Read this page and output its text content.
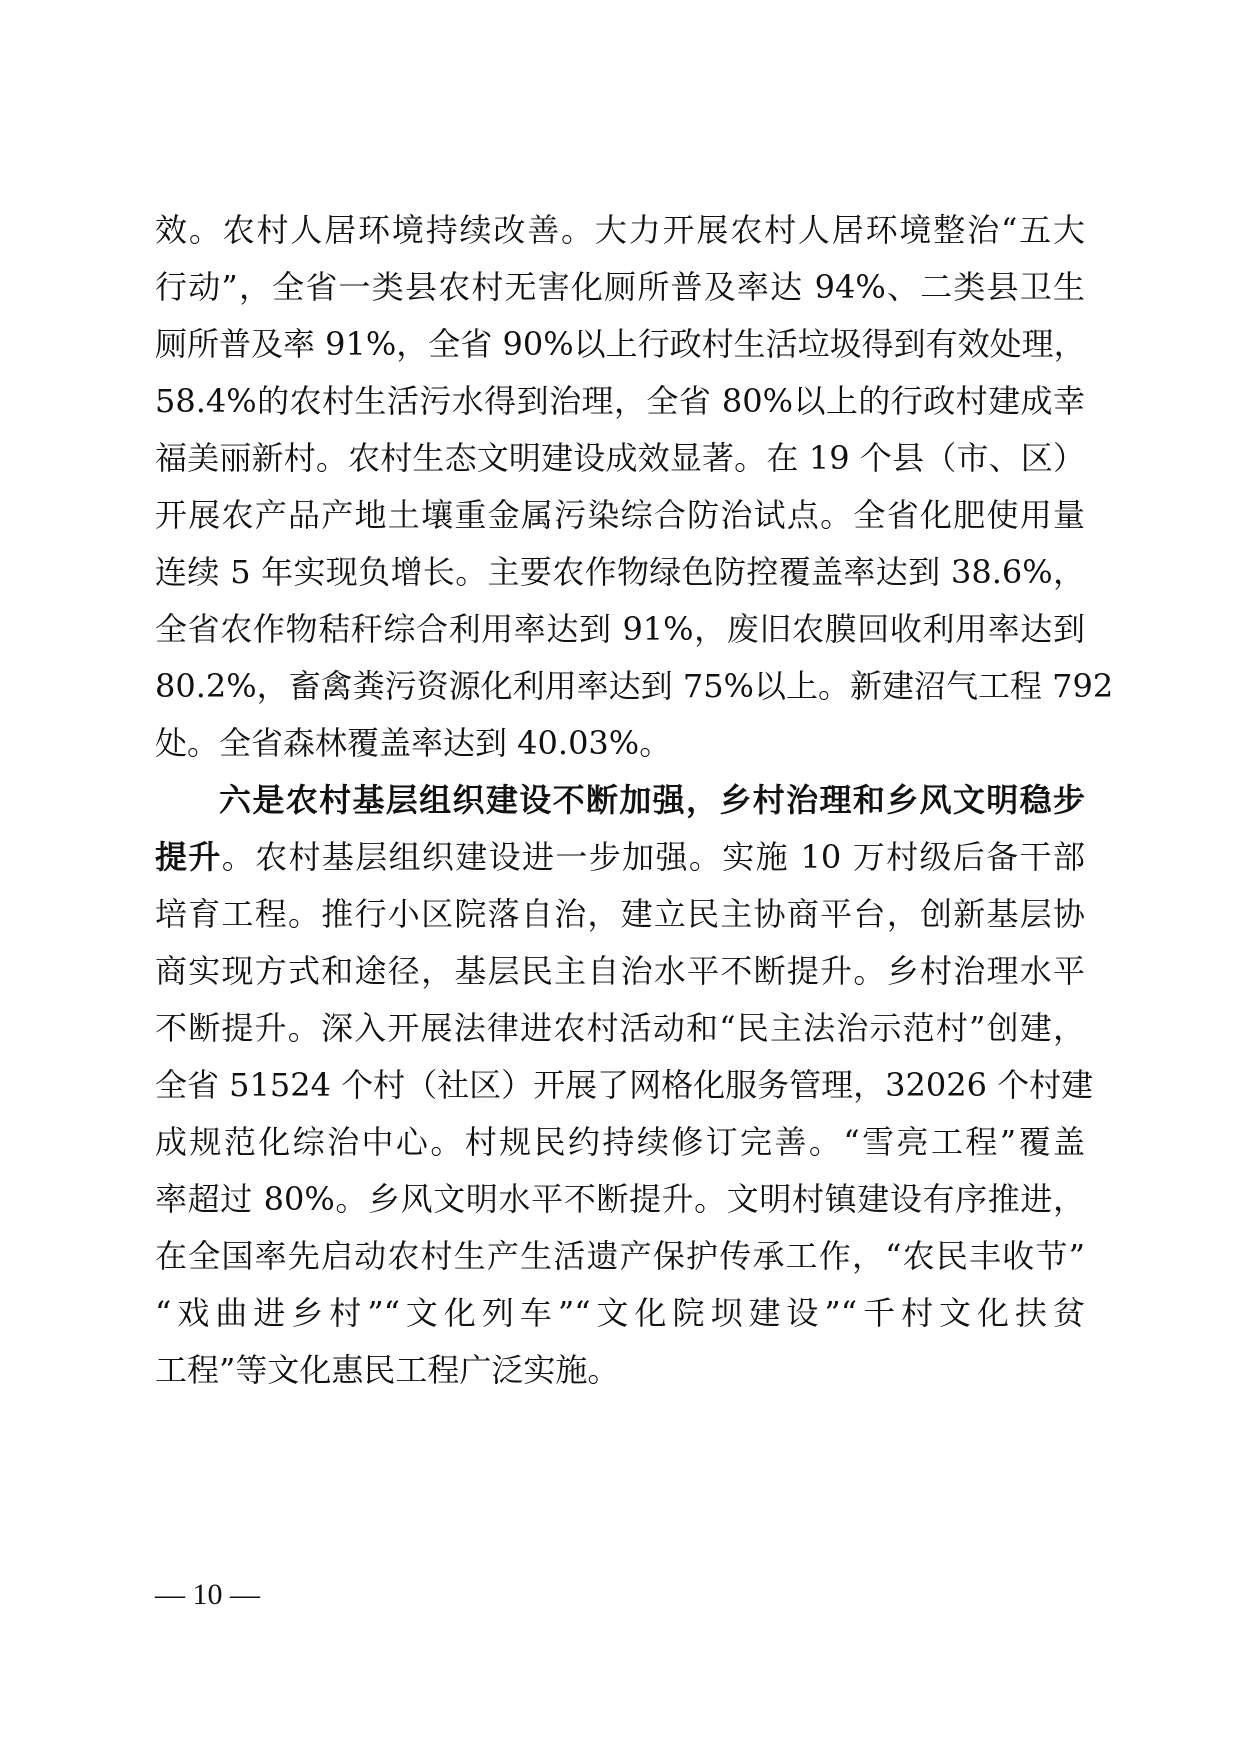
效。农村人居环境持续改善。大力开展农村人居环境整治“五大
行动”，全省一类县农村无害化厕所普及率达 94%、二类县卫生
厕所普及率 91%，全省 90%以上行政村生活垃圾得到有效处理，
58.4%的农村生活污水得到治理，全省 80%以上的行政村建成幸
福美丽新村。农村生态文明建设成效显著。在 19 个县（市、区）
开展农产品产地土壤重金属污染综合防治试点。全省化肥使用量
连续 5 年实现负增长。主要农作物绿色防控覆盖率达到 38.6%，
全省农作物秸秆综合利用率达到 91%，废旧农膜回收利用率达到
80.2%，畜禽粪污资源化利用率达到 75%以上。新建沼气工程 792
处。全省森林覆盖率达到 40.03%。
六是农村基层组织建设不断加强，乡村治理和乡风文明稳步
提升。农村基层组织建设进一步加强。实施 10 万村级后备干部
培育工程。推行小区院落自治，建立民主协商平台，创新基层协
商实现方式和途径，基层民主自治水平不断提升。乡村治理水平
不断提升。深入开展法律进农村活动和“民主法治示范村”创建，
全省 51524 个村（社区）开展了网格化服务管理，32026 个村建
成规范化综治中心。村规民约持续修订完善。“雪亮工程”覆盖
率超过 80%。乡风文明水平不断提升。文明村镇建设有序推进，
在全国率先启动农村生产生活遗产保护传承工作，“农民丰收节”
“戏曲进乡村”“文化列车”“文化院坝建设”“千村文化扶贫
工程”等文化惠民工程广泛实施。
— 10 —
